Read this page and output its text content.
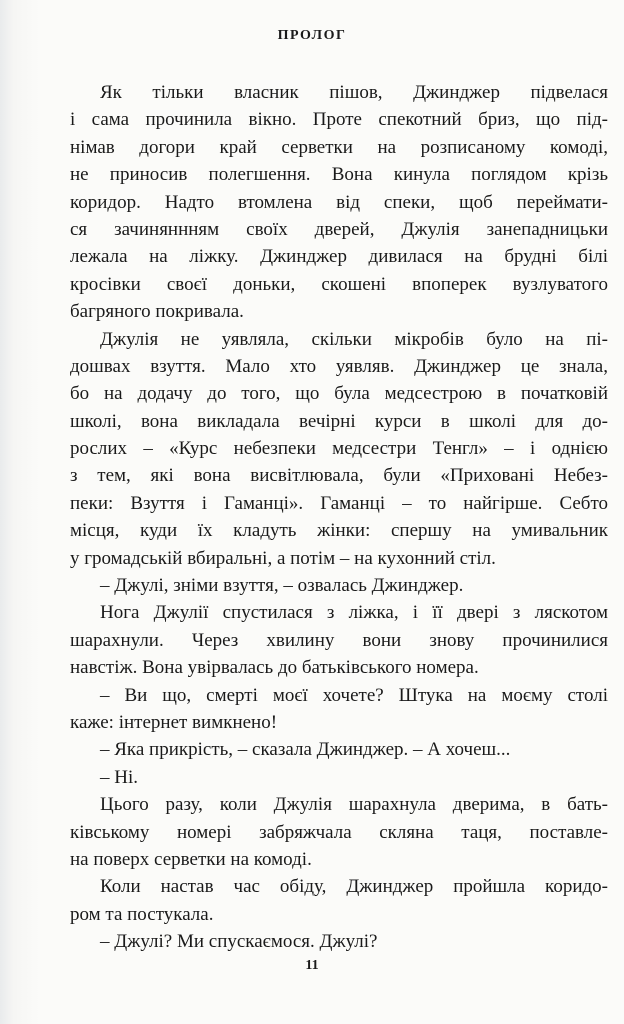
ПРОЛОГ
Як тільки власник пішов, Джинджер підвелася
і сама прочинила вікно. Проте спекотний бриз, що під-
німав догори край серветки на розписаному комоді,
не приносив полегшення. Вона кинула поглядом крізь
коридор. Надто втомлена від спеки, щоб переймати-
ся зачиняннням своїх дверей, Джулія занепадницьки
лежала на ліжку. Джинджер дивилася на брудні білі
кросівки своєї доньки, скошені впоперек вузлуватого
багряного покривала.
Джулія не уявляла, скільки мікробів було на пі-
дошвах взуття. Мало хто уявляв. Джинджер це знала,
бо на додачу до того, що була медсестрою в початковій
школі, вона викладала вечірні курси в школі для до-
рослих – «Курс небезпеки медсестри Тенгл» – і однією
з тем, які вона висвітлювала, були «Приховані Небез-
пеки: Взуття і Гаманці». Гаманці – то найгірше. Себто
місця, куди їх кладуть жінки: спершу на умивальник
у громадській вбиральні, а потім – на кухонний стіл.
– Джулі, зніми взуття, – озвалась Джинджер.
Нога Джулії спустилася з ліжка, і її двері з ляскотом
шарахнули. Через хвилину вони знову прочинилися
навстіж. Вона увірвалась до батьківського номера.
– Ви що, смерті моєї хочете? Штука на моєму столі
каже: інтернет вимкнено!
– Яка прикрість, – сказала Джинджер. – А хочеш...
– Ні.
Цього разу, коли Джулія шарахнула дверима, в бать-
ківському номері забряжчала скляна таця, поставле-
на поверх серветки на комоді.
Коли настав час обіду, Джинджер пройшла коридо-
ром та постукала.
– Джулі? Ми спускаємося. Джулі?
11
